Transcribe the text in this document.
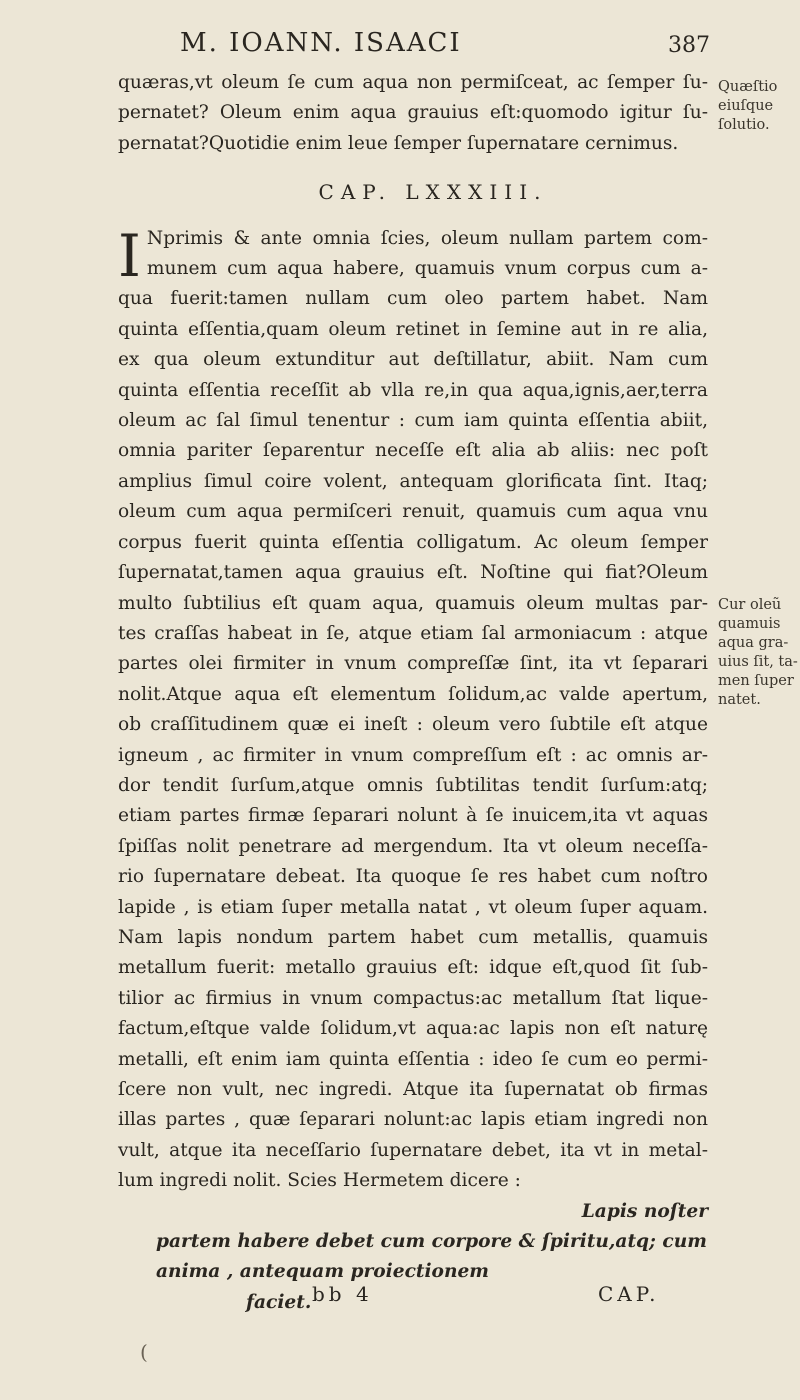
M. IOANN. ISAACI	387
quæras,vt oleum ſe cum aqua non permiſceat, ac ſemper ſu-
pernatet? Oleum enim aqua grauius eſt:quomodo igitur ſu-
pernatat?Quotidie enim leue ſemper ſupernatare cernimus.
CAP. LXXXIII.
I Nprimis & ante omnia ſcies, oleum nullam partem com-
munem cum aqua habere, quamuis vnum corpus cum a-
qua fuerit:tamen nullam cum oleo partem habet. Nam
quinta eſſentia,quam oleum retinet in ſemine aut in re alia,
ex qua oleum extunditur aut deſtillatur, abiit. Nam cum
quinta eſſentia receſſit ab vlla re,in qua aqua,ignis,aer,terra
oleum ac ſal ſimul tenentur : cum iam quinta eſſentia abiit,
omnia pariter ſeparentur neceſſe eſt alia ab aliis: nec poſt
amplius ſimul coire volent, antequam glorificata ſint. Itaq;
oleum cum aqua permiſceri renuit, quamuis cum aqua vnu
corpus fuerit quinta eſſentia colligatum. Ac oleum ſemper
ſupernatat,tamen aqua grauius eſt. Noſtine qui fiat?Oleum
multo ſubtilius eſt quam aqua, quamuis oleum multas par-
tes craſſas habeat in ſe, atque etiam ſal armoniacum : atque
partes olei firmiter in vnum compreſſæ ſint, ita vt ſeparari
nolit.Atque aqua eſt elementum ſolidum,ac valde apertum,
ob craſſitudinem quæ ei ineſt : oleum vero ſubtile eſt atque
igneum , ac firmiter in vnum compreſſum eſt : ac omnis ar-
dor tendit ſurſum,atque omnis ſubtilitas tendit ſurſum:atq;
etiam partes firmæ ſeparari nolunt à ſe inuicem,ita vt aquas
ſpiſſas nolit penetrare ad mergendum. Ita vt oleum neceſſa-
rio ſupernatare debeat. Ita quoque ſe res habet cum noſtro
lapide , is etiam ſuper metalla natat , vt oleum ſuper aquam.
Nam lapis nondum partem habet cum metallis, quamuis
metallum fuerit: metallo grauius eſt: idque eſt,quod ſit ſub-
tilior ac firmius in vnum compactus:ac metallum ſtat lique-
factum,eſtque valde ſolidum,vt aqua:ac lapis non eſt naturę
metalli, eſt enim iam quinta eſſentia : ideo ſe cum eo permi-
ſcere non vult, nec ingredi. Atque ita ſupernatat ob firmas
illas partes , quæ ſeparari nolunt:ac lapis etiam ingredi non
vult, atque ita neceſſario ſupernatare debet, ita vt in metal-
lum ingredi nolit. Scies Hermetem dicere :
Lapis noſter
partem habere debet cum corpore & ſpiritu,atq; cum
anima , antequam proiectionem
faciet.
Quæſtio eiuſque ſolutio.
Cur oleũ quamuis aqua gra-uius ſit, ta-men ſuper natet.
bb 4	CAP.
(
